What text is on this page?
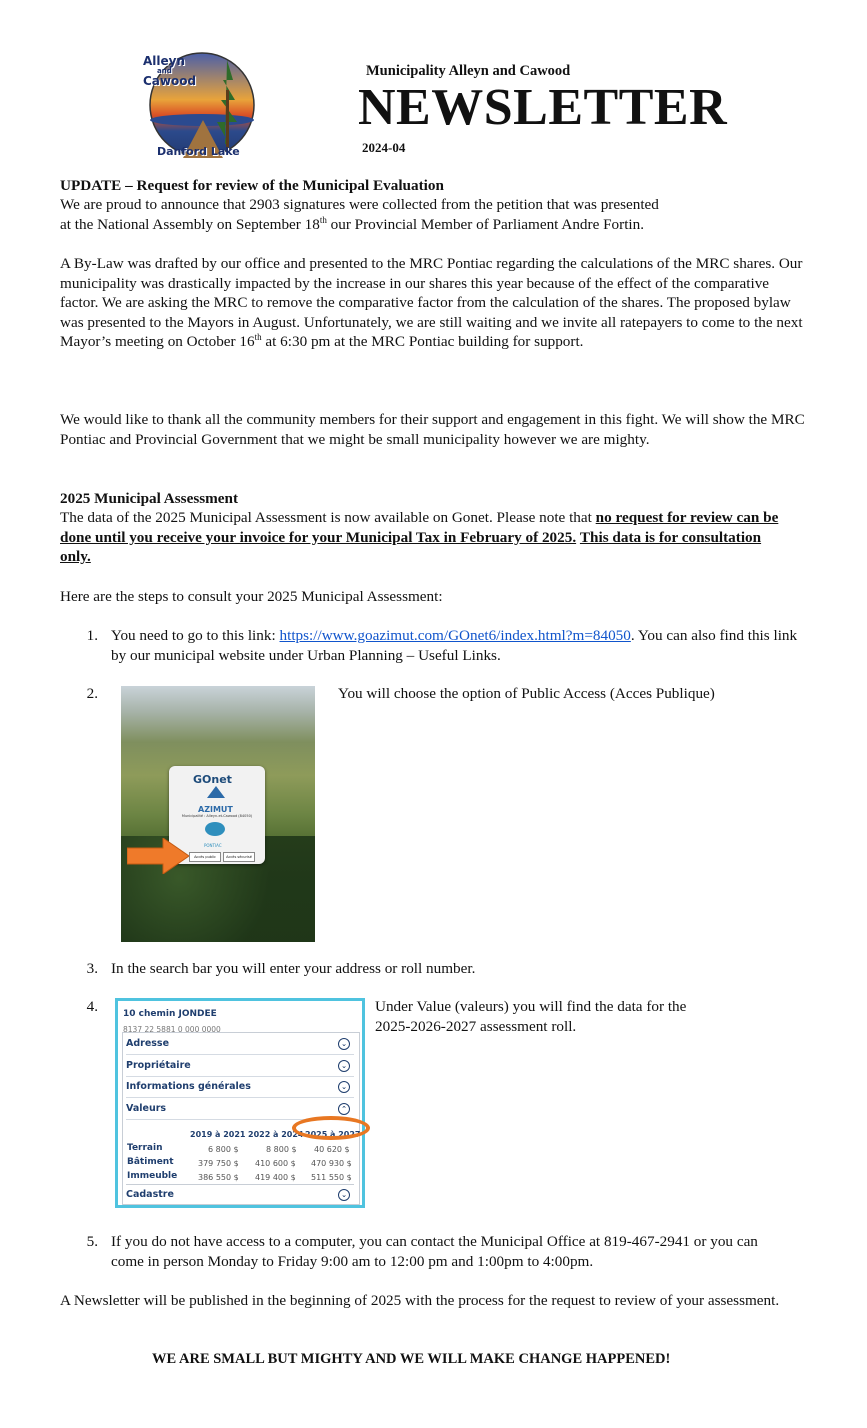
Alleyn
and
Cawood
Danford Lake
Municipality Alleyn and Cawood
NEWSLETTER
2024-04
UPDATE – Request for review of the Municipal Evaluation
We are proud to announce that 2903 signatures were collected from the petition that was presented
at the National Assembly on September 18th our Provincial Member of Parliament Andre Fortin.
A By-Law was drafted by our office and presented to the MRC Pontiac regarding the calculations of the MRC shares. Our municipality was drastically impacted by the increase in our shares this year because of the effect of the comparative factor. We are asking the MRC to remove the comparative factor from the calculation of the shares. The proposed bylaw was presented to the Mayors in August. Unfortunately, we are still waiting and we invite all ratepayers to come to the next Mayor’s meeting on October 16th at 6:30 pm at the MRC Pontiac building for support.
We would like to thank all the community members for their support and engagement in this fight. We will show the MRC Pontiac and Provincial Government that we might be small municipality however we are mighty.
2025 Municipal Assessment
The data of the 2025 Municipal Assessment is now available on Gonet. Please note that no request for review can be done until you receive your invoice for your Municipal Tax in February of 2025. This data is for consultation only.
Here are the steps to consult your 2025 Municipal Assessment:
1. You need to go to this link: https://www.goazimut.com/GOnet6/index.html?m=84050. You can also find this link by our municipal website under Urban Planning – Useful Links.
2.
GOnet
AZIMUT
Municipalité : Alleyn-et-Cawood (84050)
PONTIAC
Accès public	Accès sécurisé
You will choose the option of Public Access (Acces Publique)
3. In the search bar you will enter your address or roll number.
4.	10 chemin JONDEE
8137 22 5881 0 000 0000
Adresse	⌄
Propriétaire	⌄
Informations générales	⌄
Valeurs	⌃
2019 à 2021 2022 à 2024 2025 à 2027
Terrain	6 800 $	8 800 $ 40 620 $
Bâtiment	379 750 $ 410 600 $ 470 930 $
Immeuble	386 550 $ 419 400 $ 511 550 $
Cadastre	⌄
Under Value (valeurs) you will find the data for the
2025-2026-2027 assessment roll.
5. If you do not have access to a computer, you can contact the Municipal Office at 819-467-2941 or you can come in person Monday to Friday 9:00 am to 12:00 pm and 1:00pm to 4:00pm.
A Newsletter will be published in the beginning of 2025 with the process for the request to review of your assessment.
WE ARE SMALL BUT MIGHTY AND WE WILL MAKE CHANGE HAPPENED!
